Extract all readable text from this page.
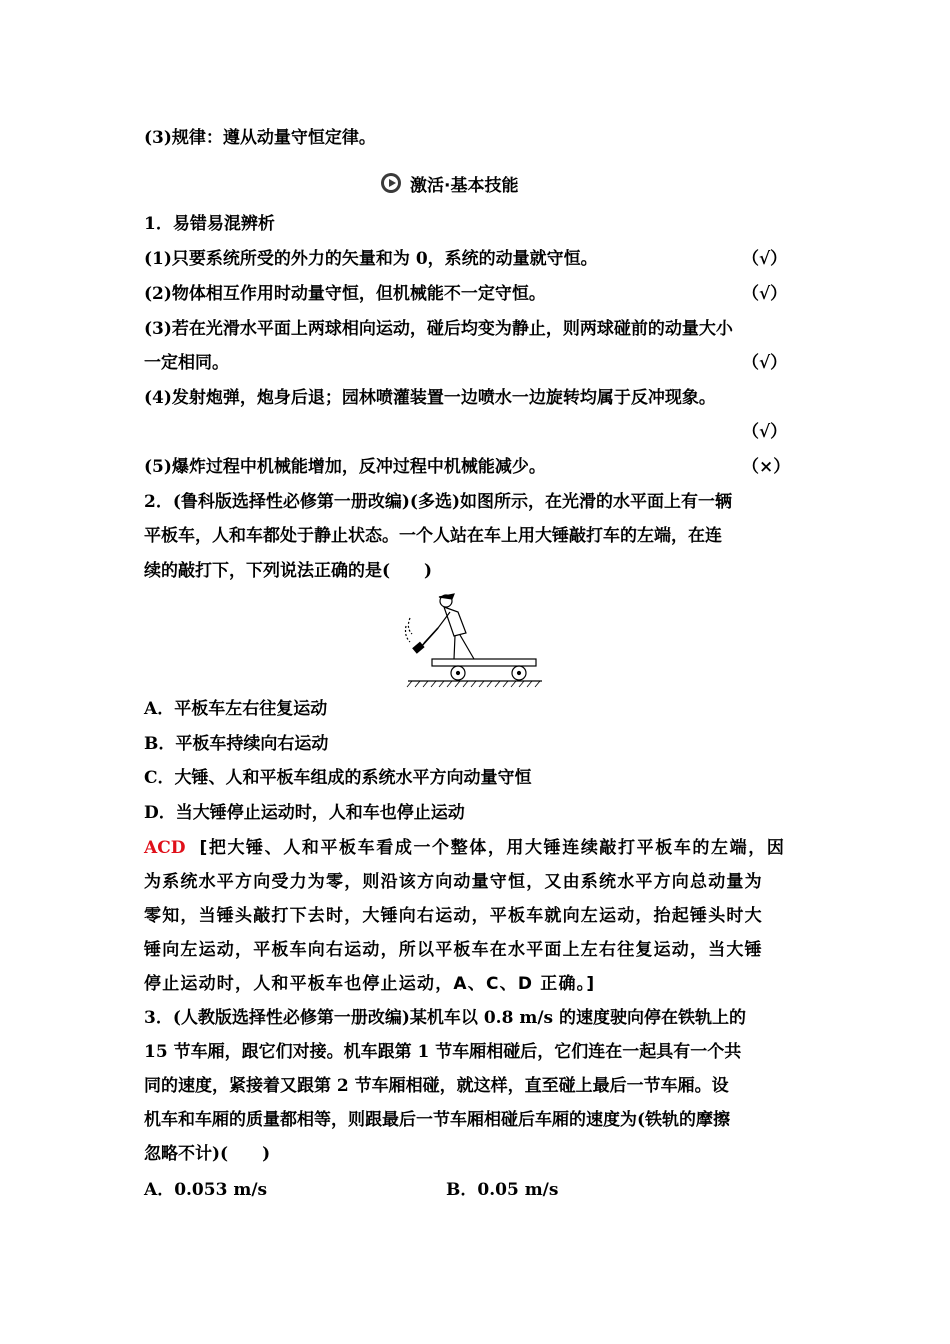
(3)规律：遵从动量守恒定律。
激活·基本技能
1．易错易混辨析
(1)只要系统所受的外力的矢量和为 0，系统的动量就守恒。	（√）
(2)物体相互作用时动量守恒，但机械能不一定守恒。	（√）
(3)若在光滑水平面上两球相向运动，碰后均变为静止，则两球碰前的动量大小
一定相同。	（√）
(4)发射炮弹，炮身后退；园林喷灌装置一边喷水一边旋转均属于反冲现象。
（√）
(5)爆炸过程中机械能增加，反冲过程中机械能减少。	（×）
2．(鲁科版选择性必修第一册改编)(多选)如图所示，在光滑的水平面上有一辆
平板车，人和车都处于静止状态。一个人站在车上用大锤敲打车的左端，在连
续的敲打下，下列说法正确的是(　　)
A．平板车左右往复运动
B．平板车持续向右运动
C．大锤、人和平板车组成的系统水平方向动量守恒
D．当大锤停止运动时，人和车也停止运动
ACD [把大锤、人和平板车看成一个整体，用大锤连续敲打平板车的左端，因
为系统水平方向受力为零，则沿该方向动量守恒，又由系统水平方向总动量为
零知，当锤头敲打下去时，大锤向右运动，平板车就向左运动，抬起锤头时大
锤向左运动，平板车向右运动，所以平板车在水平面上左右往复运动，当大锤
停止运动时，人和平板车也停止运动，A、C、D 正确。]
3．(人教版选择性必修第一册改编)某机车以 0.8 m/s 的速度驶向停在铁轨上的
15 节车厢，跟它们对接。机车跟第 1 节车厢相碰后，它们连在一起具有一个共
同的速度，紧接着又跟第 2 节车厢相碰，就这样，直至碰上最后一节车厢。设
机车和车厢的质量都相等，则跟最后一节车厢相碰后车厢的速度为(铁轨的摩擦
忽略不计)(　　)
A．0.053 m/s	B．0.05 m/s
